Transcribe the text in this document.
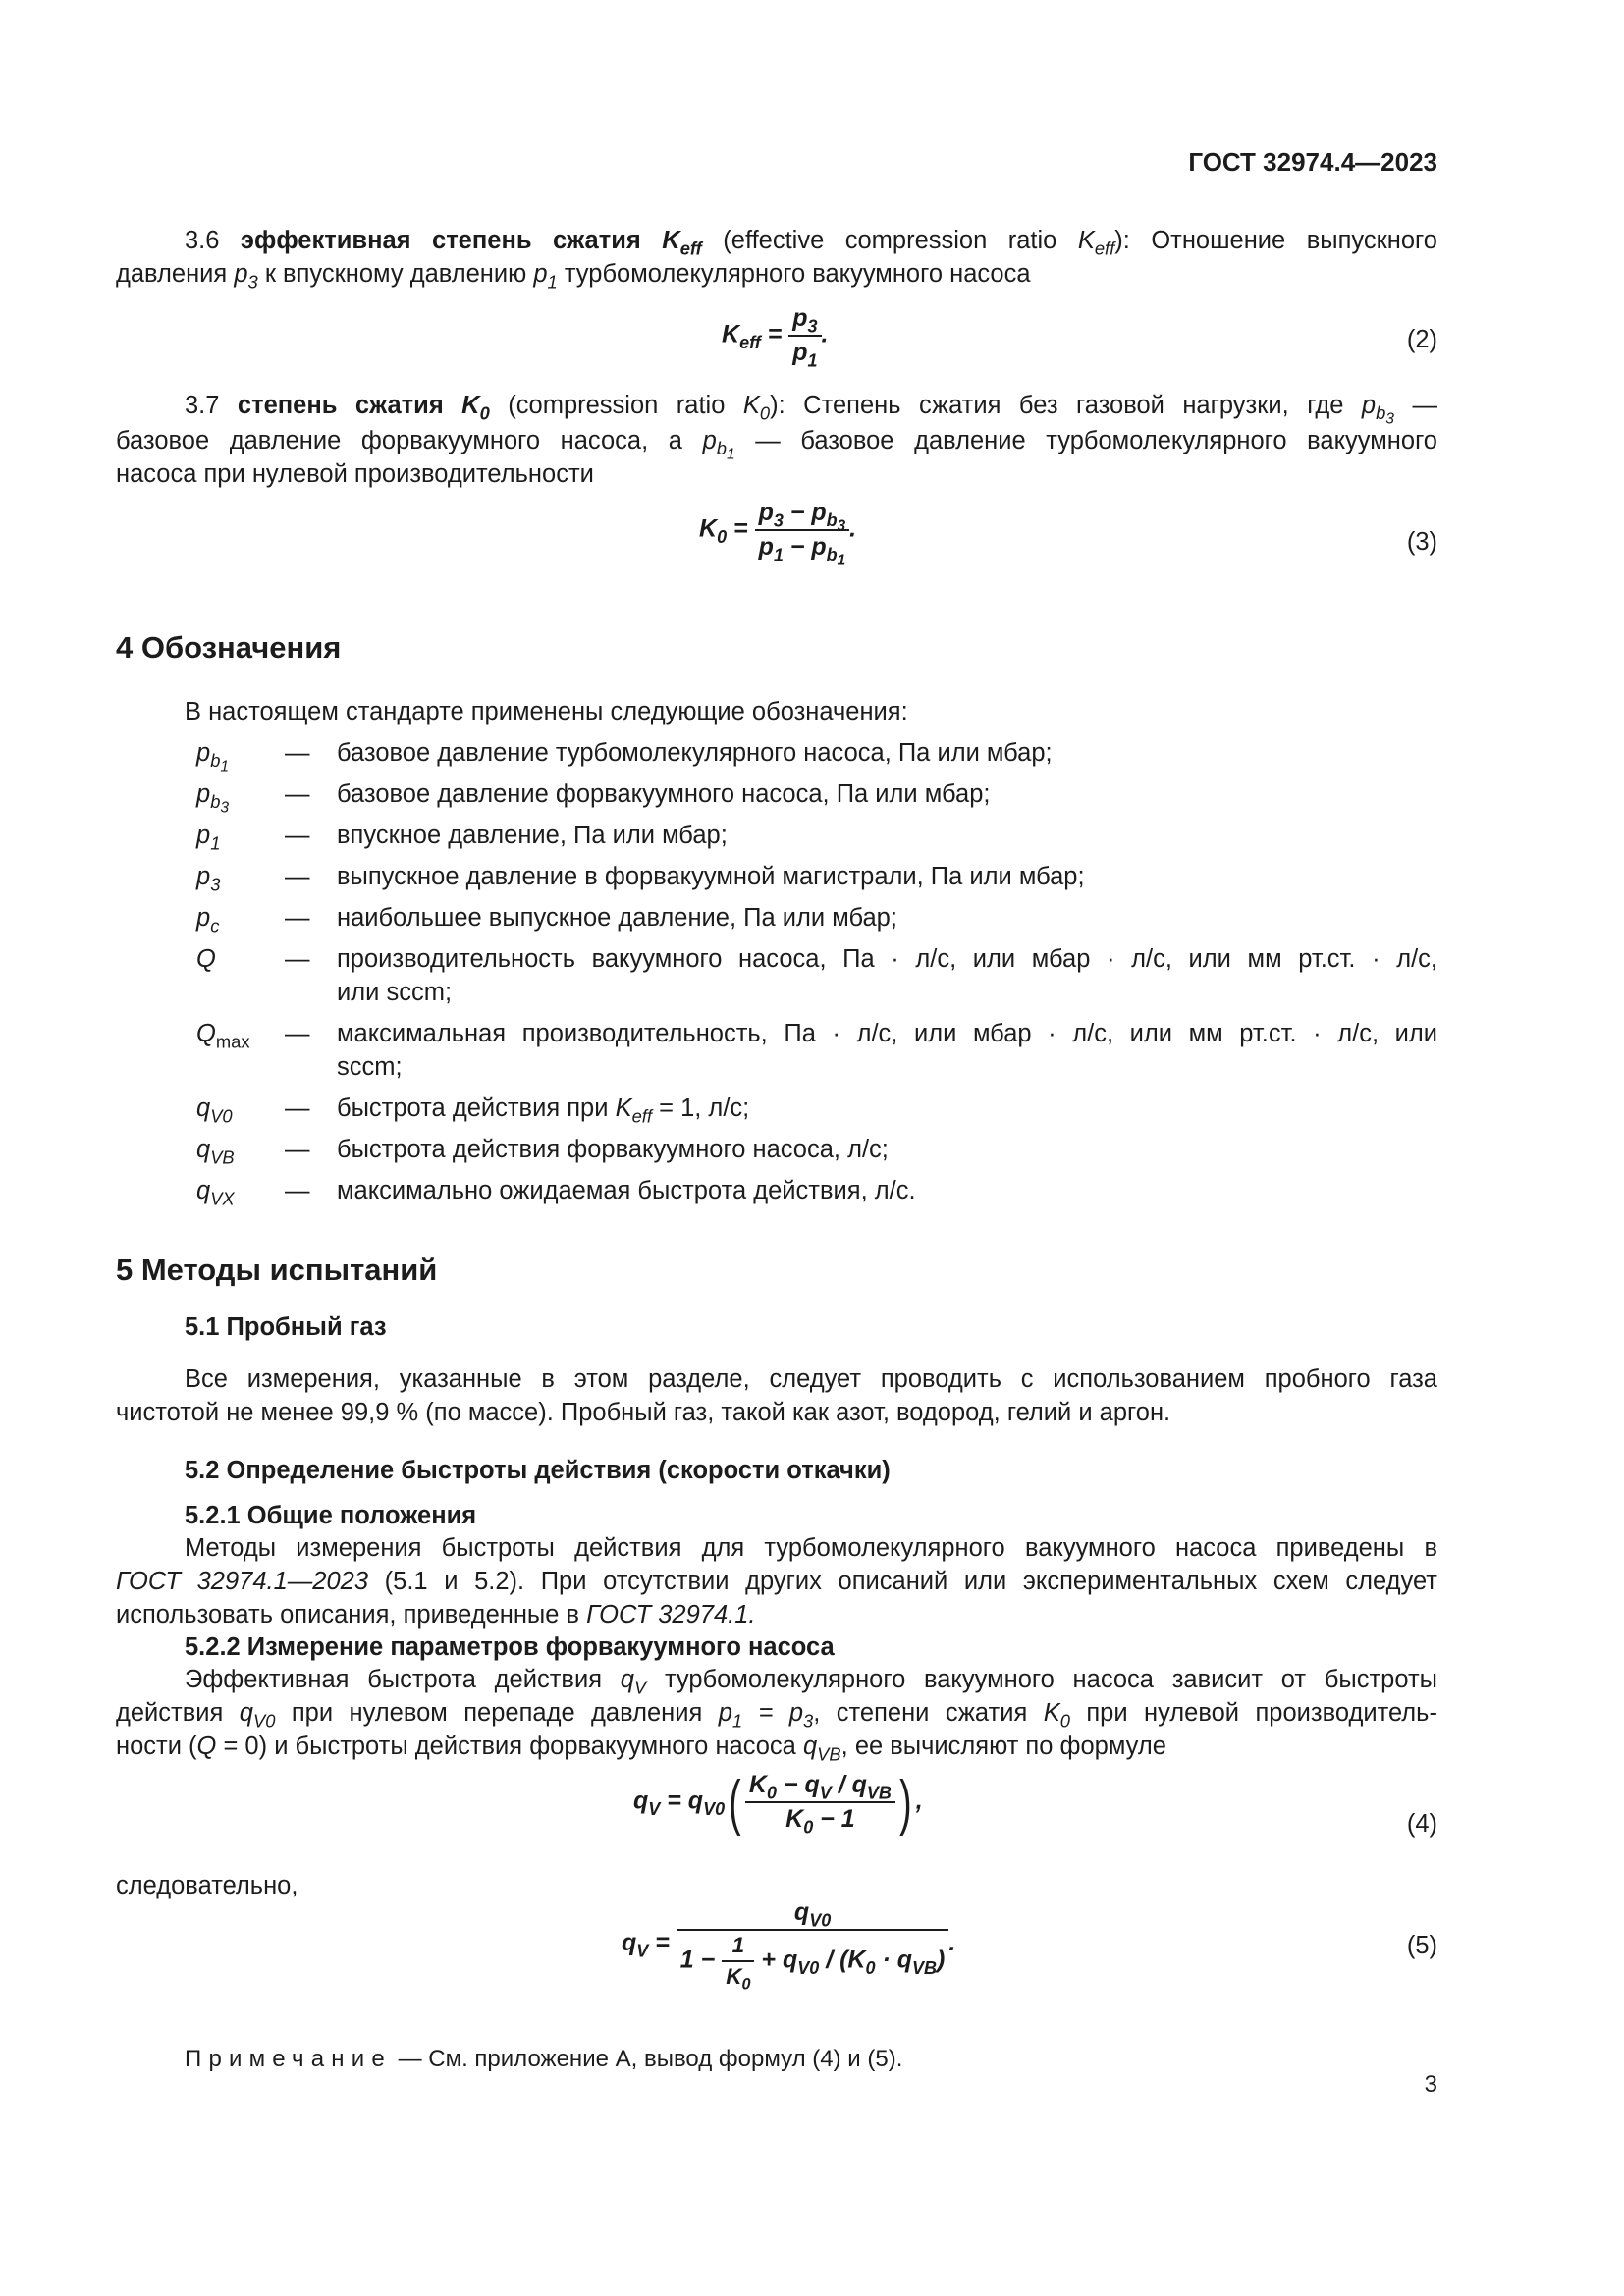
ГОСТ 32974.4—2023
3.6 эффективная степень сжатия $K_{eff}$ (effective compression ratio $K_{eff}$): Отношение выпускного
давления $p_3$ к впускному давлению $p_1$ турбомолекулярного вакуумного насоса
$K_{eff} = \frac{p_3}{p_1}$ .	(2)
3.7 степень сжатия $K_0$ (compression ratio $K_0$): Степень сжатия без газовой нагрузки, где $p_{b_3}$ —
базовое давление форвакуумного насоса, а $p_{b_1}$ — базовое давление турбомолекулярного вакуумного
насоса при нулевой производительности
$K_0 = \frac{p_3 - p_{b_3}}{p_1 - p_{b_1}}$ .	(3)
4 Обозначения
В настоящем стандарте применены следующие обозначения:
$p_{b_1}$
— базовое давление турбомолекулярного насоса, Па или мбар;
$p_{b_3}$
— базовое давление форвакуумного насоса, Па или мбар;
$p_1$	— впускное давление, Па или мбар;
$p_3$	— выпускное давление в форвакуумной магистрали, Па или мбар;
$p_c$	— наибольшее выпускное давление, Па или мбар;
Q	— производительность вакуумного насоса, Па · л/с, или мбар · л/с, или мм рт.ст. · л/с,
или sccm;
$Q_{max}$ — максимальная производительность, Па · л/с, или мбар · л/с, или мм рт.ст. · л/с, или
sccm;
$q_{V0}$ — быстрота действия при $K_{eff} = 1$, л/с;
$q_{VB}$ — быстрота действия форвакуумного насоса, л/с;
$q_{VX}$ — максимально ожидаемая быстрота действия, л/с.
5 Методы испытаний
5.1 Пробный газ
Все измерения, указанные в этом разделе, следует проводить с использованием пробного газа
чистотой не менее 99,9 % (по массе). Пробный газ, такой как азот, водород, гелий и аргон.
5.2 Определение быстроты действия (скорости откачки)
5.2.1 Общие положения
Методы измерения быстроты действия для турбомолекулярного вакуумного насоса приведены в
ГОСТ 32974.1—2023 (5.1 и 5.2). При отсутствии других описаний или экспериментальных схем следует
использовать описания, приведенные в ГОСТ 32974.1.
5.2.2 Измерение параметров форвакуумного насоса
Эффективная быстрота действия $q_V$ турбомолекулярного вакуумного насоса зависит от быстроты
действия $q_{V0}$ при нулевом перепаде давления $p_1 = p_3$, степени сжатия $K_0$ при нулевой производитель-
ности (Q = 0) и быстроты действия форвакуумного насоса $q_{VB}$, ее вычисляют по формуле
$q_V = q_{V0}( \frac{K_0 - q_V / q_{VB}}{K_0 - 1}$ ) ,
(4)
следовательно,
$q_V = \frac{q_{V0}}{1 - \frac{1}{K_0} + q_{V0} / (K_0 \cdot q_{VB})}$ .	(5)
Примечание — См. приложение А, вывод формул (4) и (5).
3
